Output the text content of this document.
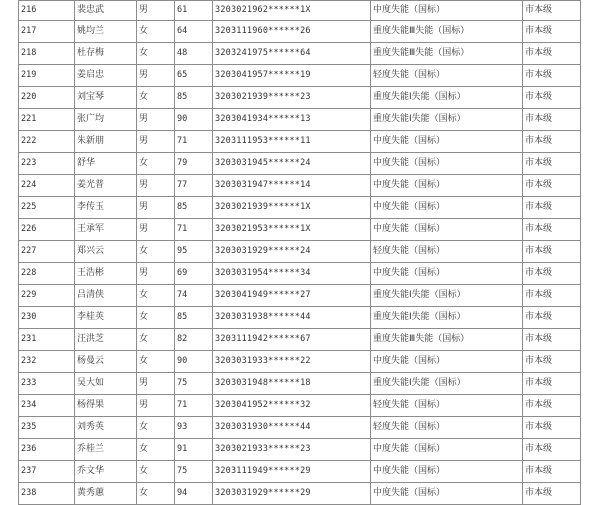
216	裴忠武	男	61	3203021962******1X	中度失能（国标）	市本级
217	姚均兰	女	64	3203111960******26	重度失能Ⅲ失能（国标）	市本级
218	杜存梅	女	48	3203241975******64	重度失能Ⅲ失能（国标）	市本级
219	姜启忠	男	65	3203041957******19	轻度失能（国标）	市本级
220	刘宝琴	女	85	3203021939******23	重度失能Ⅰ失能（国标）	市本级
221	张广均	男	90	3203041934******13	重度失能Ⅰ失能（国标）	市本级
222	朱新朋	男	71	3203111953******11	中度失能（国标）	市本级
223	舒华	女	79	3203031945******24	中度失能（国标）	市本级
224	姜光普	男	77	3203031947******14	中度失能（国标）	市本级
225	李传玉	男	85	3203021939******1X	中度失能（国标）	市本级
226	王承军	男	71	3203021953******1X	中度失能（国标）	市本级
227	郑兴云	女	95	3203031929******24	轻度失能（国标）	市本级
228	王浩彬	男	69	3203031954******34	中度失能（国标）	市本级
229	吕清侠	女	74	3203041949******27	重度失能Ⅰ失能（国标）	市本级
230	李桂英	女	85	3203031938******44	重度失能Ⅰ失能（国标）	市本级
231	汪洪芝	女	82	3203111942******67	重度失能Ⅲ失能（国标）	市本级
232	杨曼云	女	90	3203031933******22	中度失能（国标）	市本级
233	吴大如	男	75	3203031948******18	重度失能Ⅰ失能（国标）	市本级
234	杨得果	男	71	3203041952******32	轻度失能（国标）	市本级
235	刘秀英	女	93	3203031930******44	轻度失能（国标）	市本级
236	乔桂兰	女	91	3203021933******23	中度失能（国标）	市本级
237	乔文华	女	75	3203111949******29	中度失能（国标）	市本级
238	黄秀蕙	女	94	3203031929******29	中度失能（国标）	市本级
